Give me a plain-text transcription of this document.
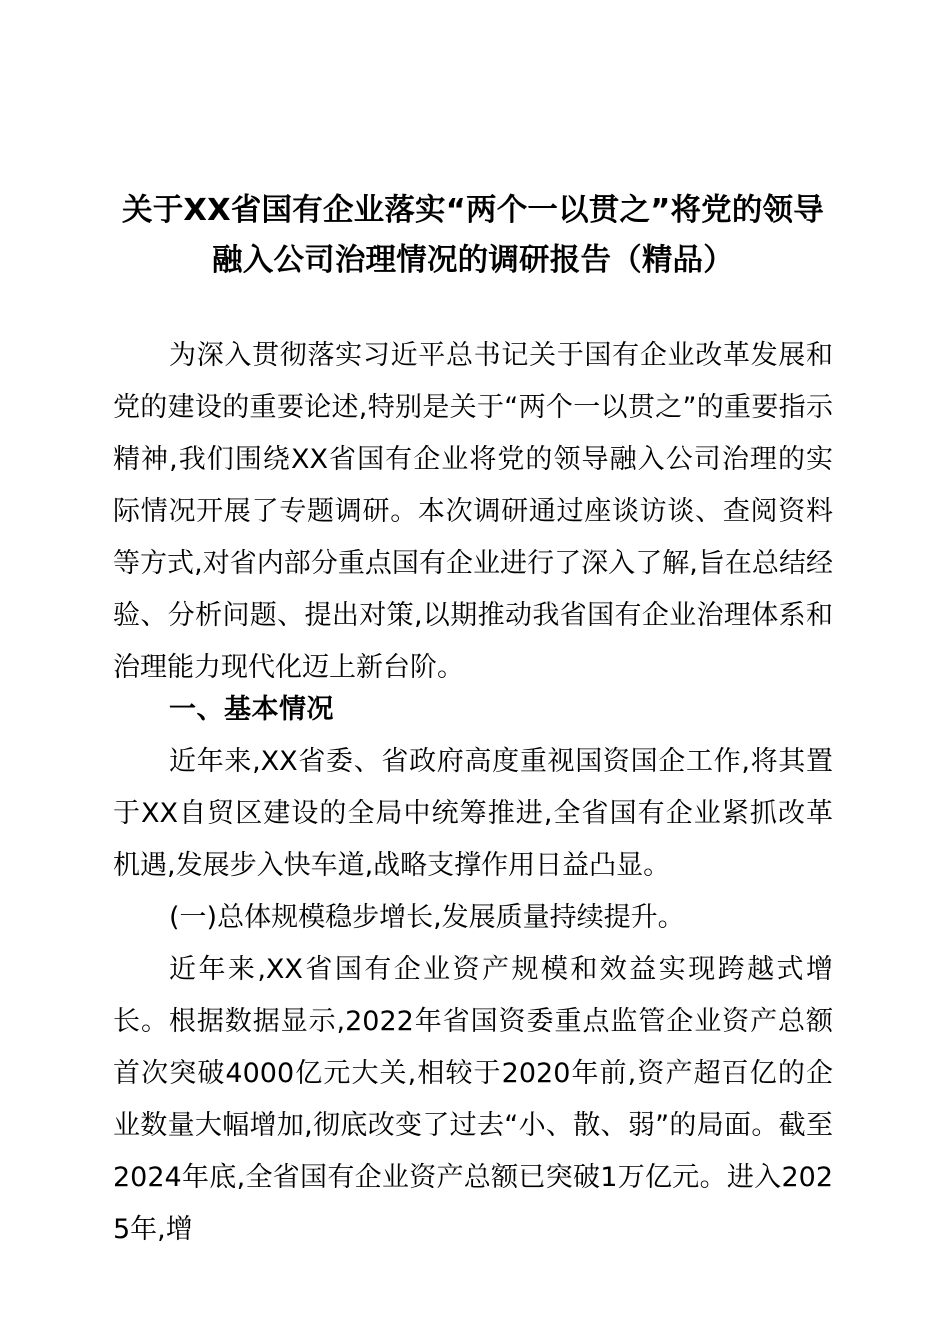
关于XX省国有企业落实“两个一以贯之”将党的领导
融入公司治理情况的调研报告（精品）

为深入贯彻落实习近平总书记关于国有企业改革发展和党的建设的重要论述,特别是关于“两个一以贯之”的重要指示精神,我们围绕XX省国有企业将党的领导融入公司治理的实际情况开展了专题调研。本次调研通过座谈访谈、查阅资料等方式,对省内部分重点国有企业进行了深入了解,旨在总结经验、分析问题、提出对策,以期推动我省国有企业治理体系和治理能力现代化迈上新台阶。

一、基本情况

近年来,XX省委、省政府高度重视国资国企工作,将其置于XX自贸区建设的全局中统筹推进,全省国有企业紧抓改革机遇,发展步入快车道,战略支撑作用日益凸显。

(一)总体规模稳步增长,发展质量持续提升。

近年来,XX省国有企业资产规模和效益实现跨越式增长。根据数据显示,2022年省国资委重点监管企业资产总额首次突破4000亿元大关,相较于2020年前,资产超百亿的企业数量大幅增加,彻底改变了过去“小、散、弱”的局面。截至2024年底,全省国有企业资产总额已突破1万亿元。进入2025年,增
